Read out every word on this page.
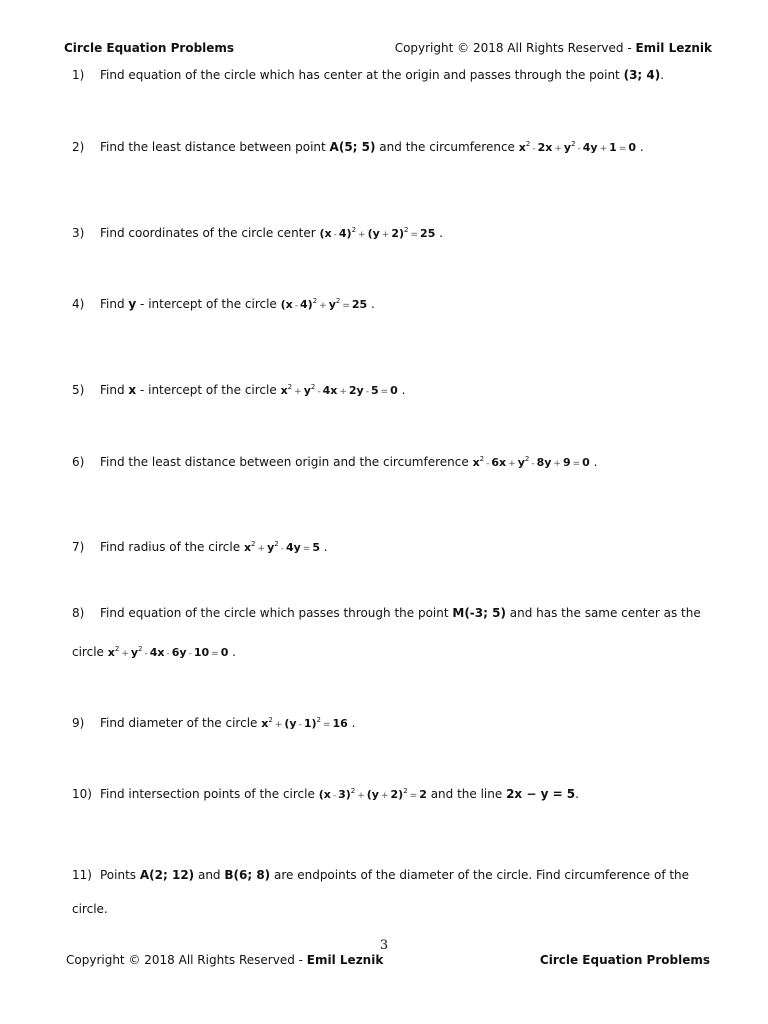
Circle Equation Problems	Copyright © 2018 All Rights Reserved - Emil Leznik
1) Find equation of the circle which has center at the origin and passes through the point (3; 4).
2) Find the least distance between point A(5; 5) and the circumference $x^2 - 2x + y^2 - 4y + 1 = 0$ .
3) Find coordinates of the circle center $(x - 4)^2 + (y + 2)^2 = 25$ .
4) Find y - intercept of the circle $(x - 4)^2 + y^2 = 25$ .
5) Find x - intercept of the circle $x^2 + y^2 - 4x + 2y - 5 = 0$ .
6) Find the least distance between origin and the circumference $x^2 - 6x + y^2 - 8y + 9 = 0$ .
7) Find radius of the circle $x^2 + y^2 - 4y = 5$ .
8) Find equation of the circle which passes through the point M(-3; 5) and has the same center as the
circle $x^2 + y^2 - 4x - 6y - 10 = 0$ .
9) Find diameter of the circle $x^2 + (y - 1)^2 = 16$ .
10) Find intersection points of the circle $(x - 3)^2 + (y + 2)^2 = 2$ and the line 2x − y = 5.
11) Points A(2; 12) and B(6; 8) are endpoints of the diameter of the circle. Find circumference of the
circle.
3
Copyright © 2018 All Rights Reserved - Emil Leznik	Circle Equation Problems
